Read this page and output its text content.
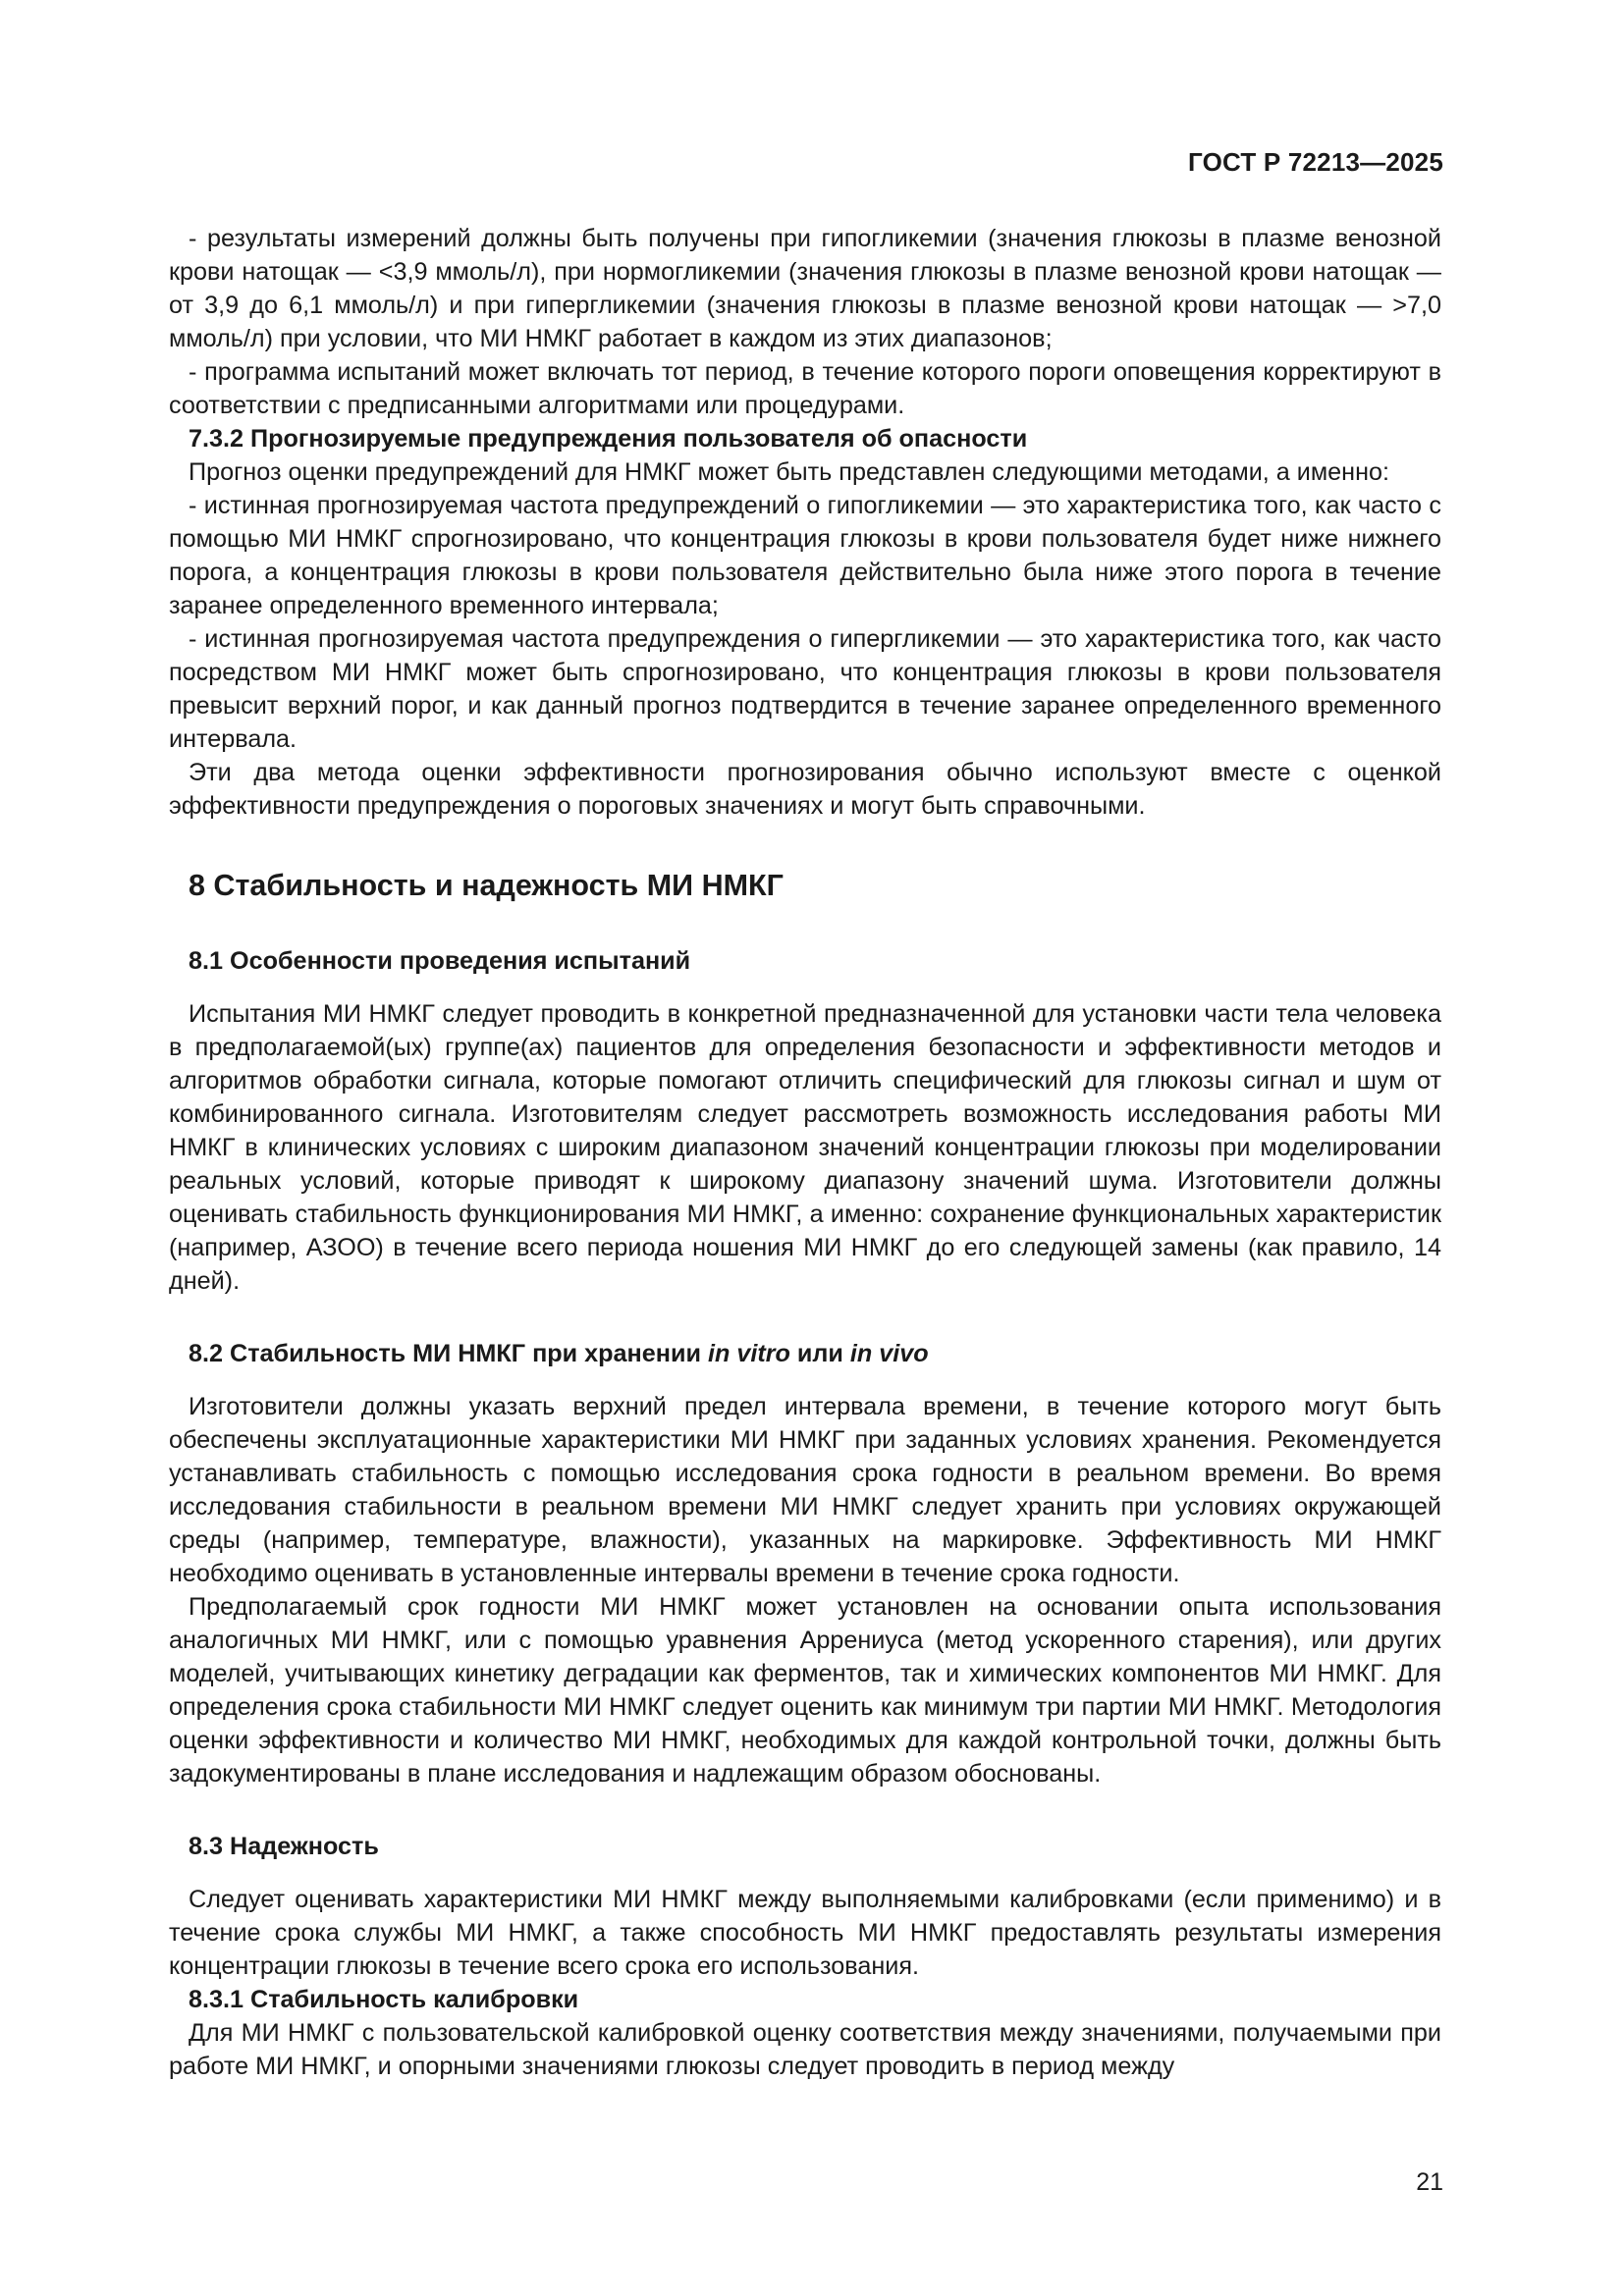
ГОСТ Р 72213—2025

- результаты измерений должны быть получены при гипогликемии (значения глюкозы в плазме венозной крови натощак — <3,9 ммоль/л), при нормогликемии (значения глюкозы в плазме венозной крови натощак — от 3,9 до 6,1 ммоль/л) и при гипергликемии (значения глюкозы в плазме венозной крови натощак — >7,0 ммоль/л) при условии, что МИ НМКГ работает в каждом из этих диапазонов;

- программа испытаний может включать тот период, в течение которого пороги оповещения корректируют в соответствии с предписанными алгоритмами или процедурами.

7.3.2 Прогнозируемые предупреждения пользователя об опасности

Прогноз оценки предупреждений для НМКГ может быть представлен следующими методами, а именно:

- истинная прогнозируемая частота предупреждений о гипогликемии — это характеристика того, как часто с помощью МИ НМКГ спрогнозировано, что концентрация глюкозы в крови пользователя будет ниже нижнего порога, а концентрация глюкозы в крови пользователя действительно была ниже этого порога в течение заранее определенного временного интервала;

- истинная прогнозируемая частота предупреждения о гипергликемии — это характеристика того, как часто посредством МИ НМКГ может быть спрогнозировано, что концентрация глюкозы в крови пользователя превысит верхний порог, и как данный прогноз подтвердится в течение заранее определенного временного интервала.

Эти два метода оценки эффективности прогнозирования обычно используют вместе с оценкой эффективности предупреждения о пороговых значениях и могут быть справочными.

8 Стабильность и надежность МИ НМКГ
8.1 Особенности проведения испытаний

Испытания МИ НМКГ следует проводить в конкретной предназначенной для установки части тела человека в предполагаемой(ых) группе(ах) пациентов для определения безопасности и эффективности методов и алгоритмов обработки сигнала, которые помогают отличить специфический для глюкозы сигнал и шум от комбинированного сигнала. Изготовителям следует рассмотреть возможность исследования работы МИ НМКГ в клинических условиях с широким диапазоном значений концентрации глюкозы при моделировании реальных условий, которые приводят к широкому диапазону значений шума. Изготовители должны оценивать стабильность функционирования МИ НМКГ, а именно: сохранение функциональных характеристик (например, АЗОО) в течение всего периода ношения МИ НМКГ до его следующей замены (как правило, 14 дней).

8.2 Стабильность МИ НМКГ при хранении in vitro или in vivo

Изготовители должны указать верхний предел интервала времени, в течение которого могут быть обеспечены эксплуатационные характеристики МИ НМКГ при заданных условиях хранения. Рекомендуется устанавливать стабильность с помощью исследования срока годности в реальном времени. Во время исследования стабильности в реальном времени МИ НМКГ следует хранить при условиях окружающей среды (например, температуре, влажности), указанных на маркировке. Эффективность МИ НМКГ необходимо оценивать в установленные интервалы времени в течение срока годности.

Предполагаемый срок годности МИ НМКГ может установлен на основании опыта использования аналогичных МИ НМКГ, или с помощью уравнения Аррениуса (метод ускоренного старения), или других моделей, учитывающих кинетику деградации как ферментов, так и химических компонентов МИ НМКГ. Для определения срока стабильности МИ НМКГ следует оценить как минимум три партии МИ НМКГ. Методология оценки эффективности и количество МИ НМКГ, необходимых для каждой контрольной точки, должны быть задокументированы в плане исследования и надлежащим образом обоснованы.

8.3 Надежность

Следует оценивать характеристики МИ НМКГ между выполняемыми калибровками (если применимо) и в течение срока службы МИ НМКГ, а также способность МИ НМКГ предоставлять результаты измерения концентрации глюкозы в течение всего срока его использования.

8.3.1 Стабильность калибровки

Для МИ НМКГ с пользовательской калибровкой оценку соответствия между значениями, получаемыми при работе МИ НМКГ, и опорными значениями глюкозы следует проводить в период между

21
